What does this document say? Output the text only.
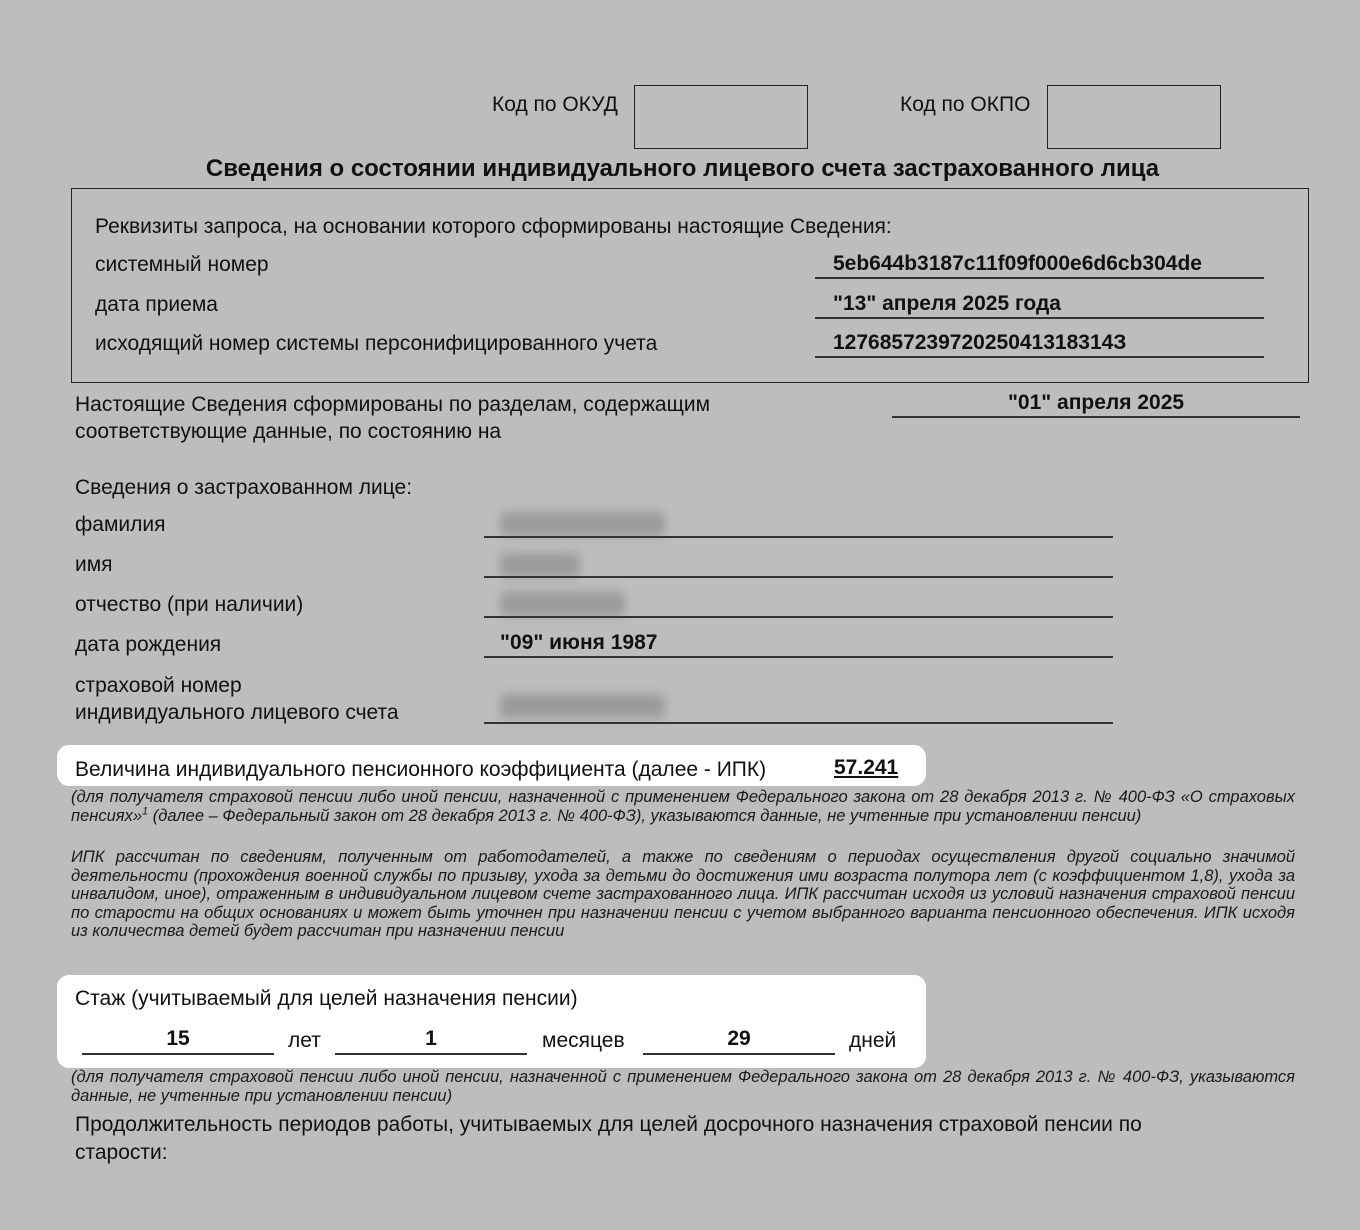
Код по ОКУД	Код по ОКПО
Сведения о состоянии индивидуального лицевого счета застрахованного лица
Реквизиты запроса, на основании которого сформированы настоящие Сведения:
системный номер	5eb644b3187c11f09f000e6d6cb304de
дата приема	"13" апреля 2025 года
исходящий номер системы персонифицированного учета	127685723972025041318314З
Настоящие Сведения сформированы по разделам, содержащим
соответствующие данные, по состоянию на
"01" апреля 2025
Сведения о застрахованном лице:
фамилия
имя
отчество (при наличии)
дата рождения	"09" июня 1987
страховой номер
индивидуального лицевого счета
Величина индивидуального пенсионного коэффициента (далее - ИПК)	57.241
(для получателя страховой пенсии либо иной пенсии, назначенной с применением Федерального закона от 28 декабря 2013 г. № 400-ФЗ «О страховых пенсиях»$^1$ (далее – Федеральный закон от 28 декабря 2013 г. № 400-ФЗ), указываются данные, не учтенные при установлении пенсии)
ИПК рассчитан по сведениям, полученным от работодателей, а также по сведениям о периодах осуществления другой социально значимой деятельности (прохождения военной службы по призыву, ухода за детьми до достижения ими возраста полутора лет (с коэффициентом 1,8), ухода за инвалидом, иное), отраженным в индивидуальном лицевом счете застрахованного лица. ИПК рассчитан исходя из условий назначения страховой пенсии по старости на общих основаниях и может быть уточнен при назначении пенсии с учетом выбранного варианта пенсионного обеспечения. ИПК исходя из количества детей будет рассчитан при назначении пенсии
Стаж (учитываемый для целей назначения пенсии)
15	лет	1	месяцев	29	дней
(для получателя страховой пенсии либо иной пенсии, назначенной с применением Федерального закона от 28 декабря 2013 г. № 400-ФЗ, указываются данные, не учтенные при установлении пенсии)
Продолжительность периодов работы, учитываемых для целей досрочного назначения страховой пенсии по
старости:
